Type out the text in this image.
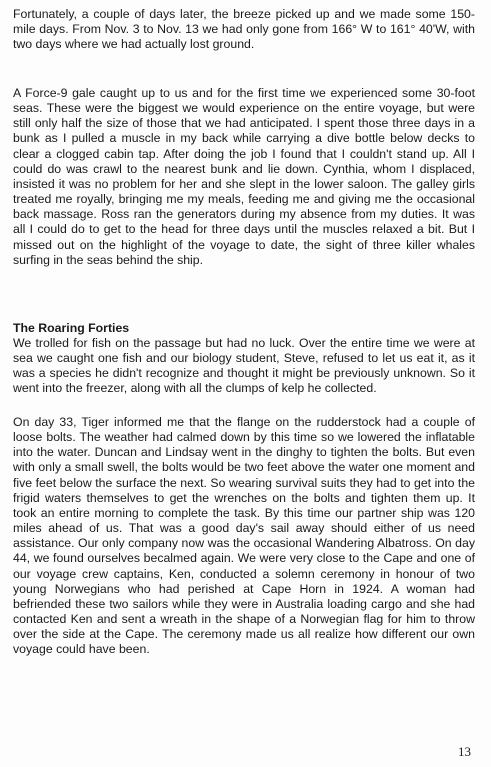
Fortunately, a couple of days later, the breeze picked up and we made some 150-mile days. From Nov. 3 to Nov. 13 we had only gone from 166° W to 161° 40'W, with two days where we had actually lost ground.

A Force-9 gale caught up to us and for the first time we experienced some 30-foot seas. These were the biggest we would experience on the entire voyage, but were still only half the size of those that we had anticipated. I spent those three days in a bunk as I pulled a muscle in my back while carrying a dive bottle below decks to clear a clogged cabin tap. After doing the job I found that I couldn't stand up. All I could do was crawl to the nearest bunk and lie down. Cynthia, whom I displaced, insisted it was no problem for her and she slept in the lower saloon. The galley girls treated me royally, bringing me my meals, feeding me and giving me the occasional back massage. Ross ran the generators during my absence from my duties. It was all I could do to get to the head for three days until the muscles relaxed a bit. But I missed out on the highlight of the voyage to date, the sight of three killer whales surfing in the seas behind the ship.

The Roaring Forties

We trolled for fish on the passage but had no luck. Over the entire time we were at sea we caught one fish and our biology student, Steve, refused to let us eat it, as it was a species he didn't recognize and thought it might be previously unknown. So it went into the freezer, along with all the clumps of kelp he collected.

On day 33, Tiger informed me that the flange on the rudderstock had a couple of loose bolts. The weather had calmed down by this time so we lowered the inflatable into the water. Duncan and Lindsay went in the dinghy to tighten the bolts. But even with only a small swell, the bolts would be two feet above the water one moment and five feet below the surface the next. So wearing survival suits they had to get into the frigid waters themselves to get the wrenches on the bolts and tighten them up. It took an entire morning to complete the task. By this time our partner ship was 120 miles ahead of us. That was a good day's sail away should either of us need assistance. Our only company now was the occasional Wandering Albatross. On day 44, we found ourselves becalmed again. We were very close to the Cape and one of our voyage crew captains, Ken, conducted a solemn ceremony in honour of two young Norwegians who had perished at Cape Horn in 1924. A woman had befriended these two sailors while they were in Australia loading cargo and she had contacted Ken and sent a wreath in the shape of a Norwegian flag for him to throw over the side at the Cape. The ceremony made us all realize how different our own voyage could have been.

13
